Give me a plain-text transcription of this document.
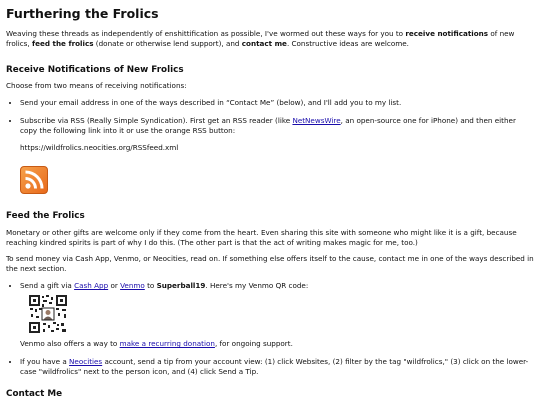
Furthering the Frolics

Weaving these threads as independently of enshittification as possible, I've wormed out these ways for you to receive notifications of new frolics, feed the frolics (donate or otherwise lend support), and contact me. Constructive ideas are welcome.

Receive Notifications of New Frolics

Choose from two means of receiving notifications:

• Send your email address in one of the ways described in “Contact Me” (below), and I'll add you to my list.
• Subscribe via RSS (Really Simple Syndication). First get an RSS reader (like NetNewsWire, an open-source one for iPhone) and then either copy the following link into it or use the orange RSS button:
https://wildfrolics.neocities.org/RSSfeed.xml
Feed the Frolics

Monetary or other gifts are welcome only if they come from the heart. Even sharing this site with someone who might like it is a gift, because reaching kindred spirits is part of why I do this. (The other part is that the act of writing makes magic for me, too.)

To send money via Cash App, Venmo, or Neocities, read on. If something else offers itself to the cause, contact me in one of the ways described in the next section.

• Send a gift via Cash App or Venmo to Superball19. Here's my Venmo QR code:

Venmo also offers a way to make a recurring donation, for ongoing support.

• If you have a Neocities account, send a tip from your account view: (1) click Websites, (2) filter by the tag "wildfrolics," (3) click on the lower-case "wildfrolics" next to the person icon, and (4) click Send a Tip.
Contact Me
